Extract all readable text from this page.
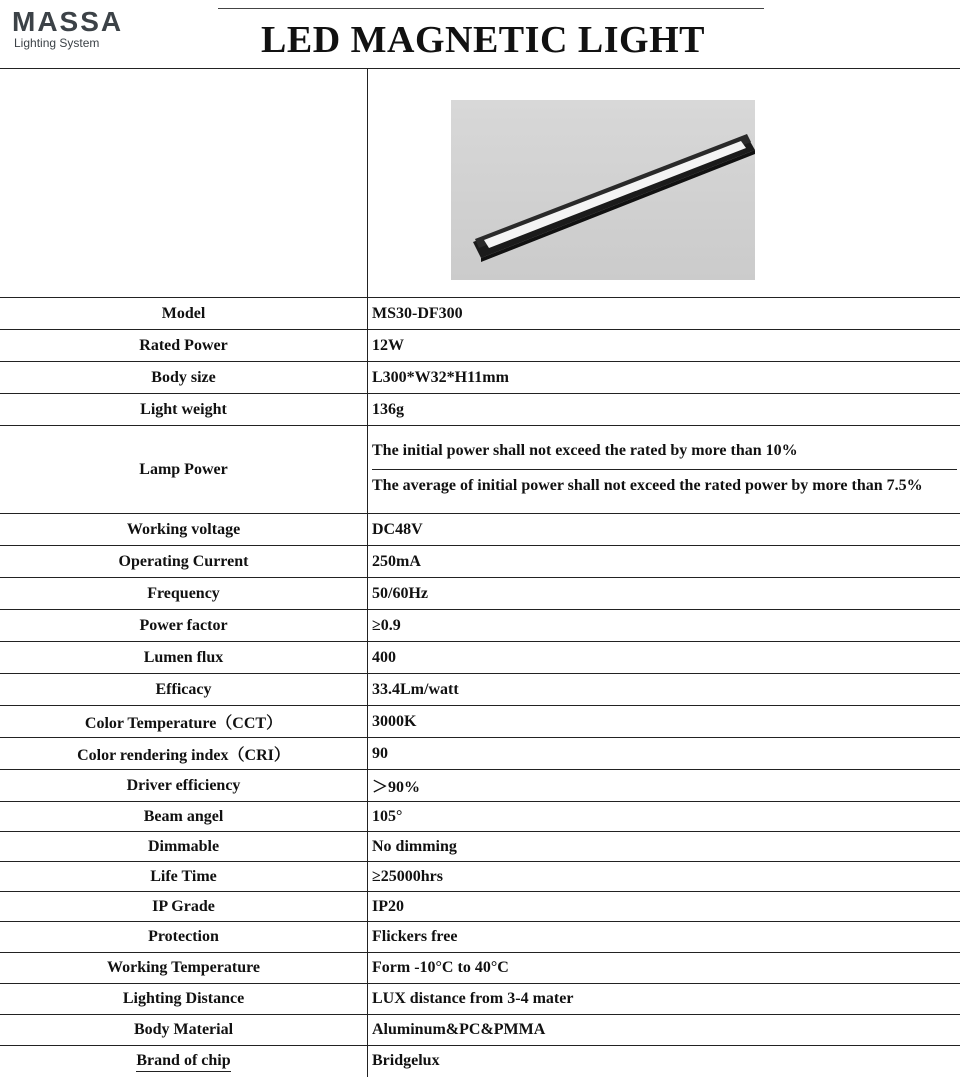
MASSA
Lighting System	LED MAGNETIC LIGHT

Model	MS30-DF300
Rated Power	12W
Body size	L300*W32*H11mm
Light weight	136g
Lamp Power	The initial power shall not exceed the rated by more than 10%
The average of initial power shall not exceed the rated power by more than 7.5%

Working voltage	DC48V
Operating Current	250mA
Frequency	50/60Hz
Power factor	≥0.9
Lumen flux	400
Efficacy	33.4Lm/watt
Color Temperature（CCT）	3000K
Color rendering index（CRI）	90
Driver efficiency	＞90%
Beam angel	105°
Dimmable	No dimming
Life Time	≥25000hrs
IP Grade	IP20
Protection	Flickers free
Working Temperature	Form -10°C to 40°C
Lighting Distance	LUX distance from 3-4 mater
Body Material	Aluminum&PC&PMMA
Brand of chip	Bridgelux
